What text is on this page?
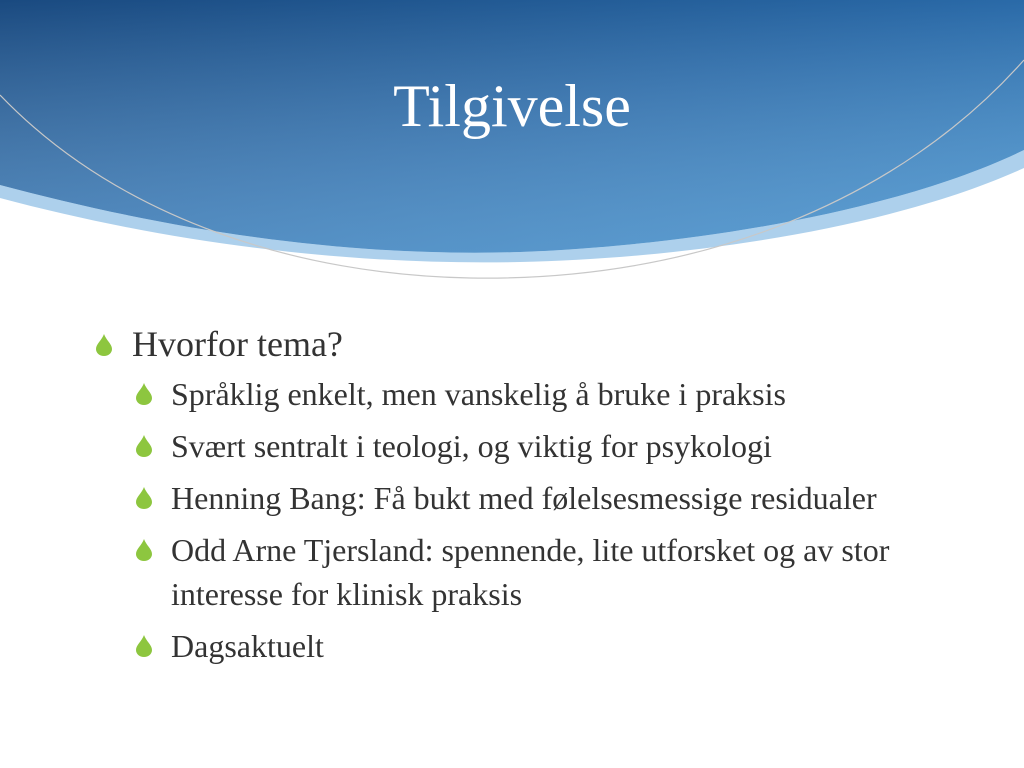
Tilgivelse
Hvorfor tema?
Språklig enkelt, men vanskelig å bruke i praksis
Svært sentralt i teologi, og viktig for psykologi
Henning Bang: Få bukt med følelsesmessige residualer
Odd Arne Tjersland: spennende, lite utforsket og av stor interesse for klinisk praksis
Dagsaktuelt
